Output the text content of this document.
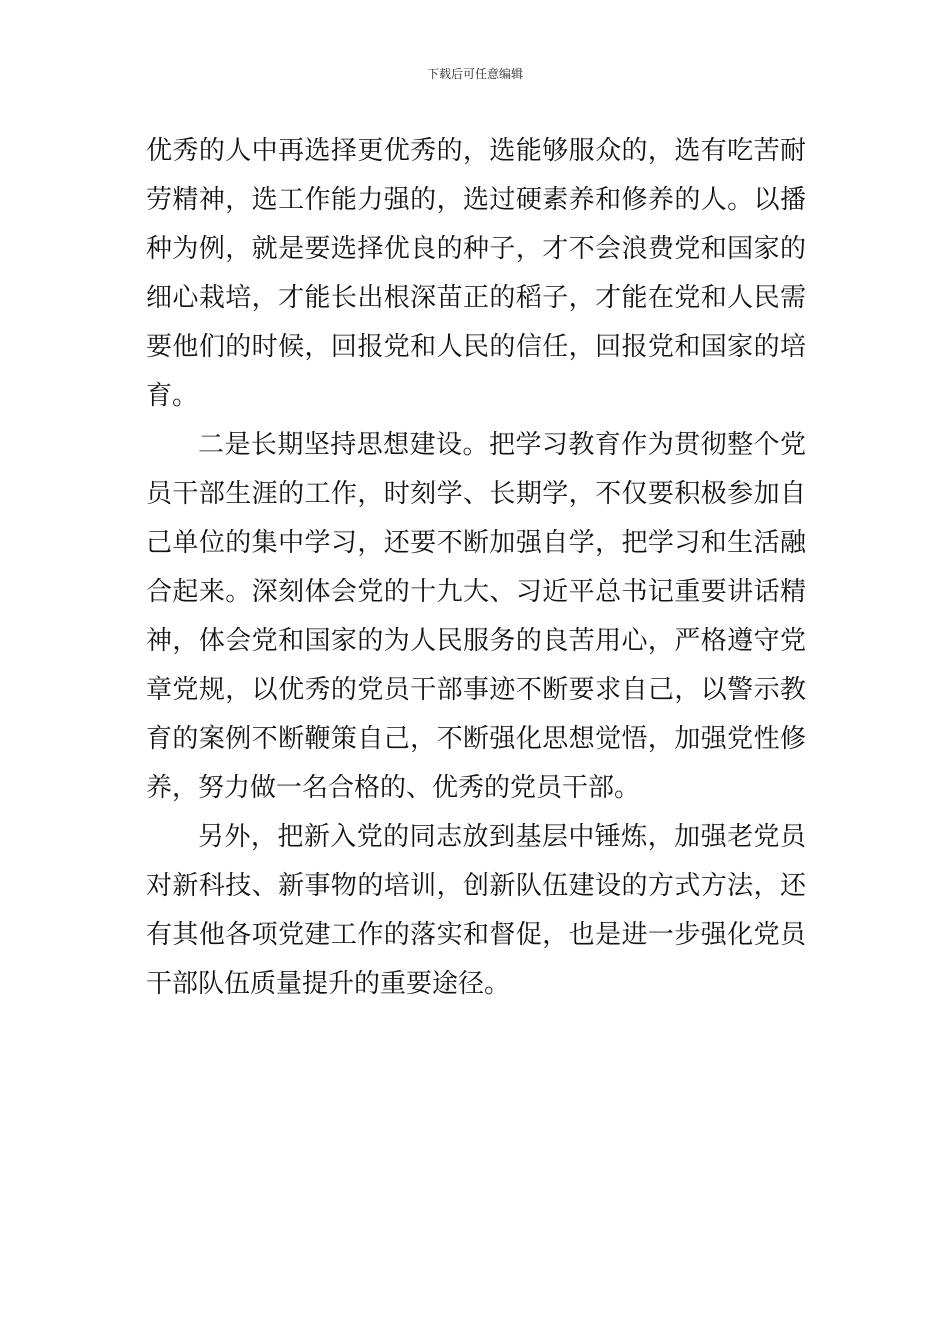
下载后可任意编辑

优秀的人中再选择更优秀的，选能够服众的，选有吃苦耐劳精神，选工作能力强的，选过硬素养和修养的人。以播种为例，就是要选择优良的种子，才不会浪费党和国家的细心栽培，才能长出根深苗正的稻子，才能在党和人民需要他们的时候，回报党和人民的信任，回报党和国家的培育。

二是长期坚持思想建设。把学习教育作为贯彻整个党员干部生涯的工作，时刻学、长期学，不仅要积极参加自己单位的集中学习，还要不断加强自学，把学习和生活融合起来。深刻体会党的十九大、习近平总书记重要讲话精神，体会党和国家的为人民服务的良苦用心，严格遵守党章党规，以优秀的党员干部事迹不断要求自己，以警示教育的案例不断鞭策自己，不断强化思想觉悟，加强党性修养，努力做一名合格的、优秀的党员干部。

另外，把新入党的同志放到基层中锤炼，加强老党员对新科技、新事物的培训，创新队伍建设的方式方法，还有其他各项党建工作的落实和督促，也是进一步强化党员干部队伍质量提升的重要途径。
